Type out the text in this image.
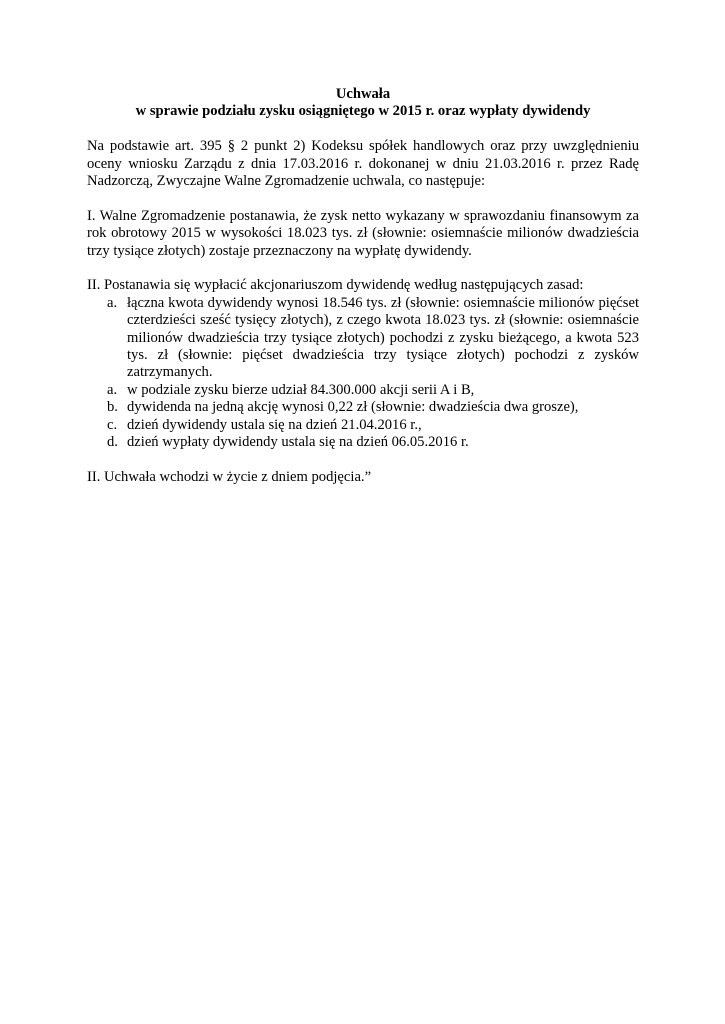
Uchwała

w sprawie podziału zysku osiągniętego w 2015 r. oraz wypłaty dywidendy

Na podstawie art. 395 § 2 punkt 2) Kodeksu spółek handlowych oraz przy uwzględnieniu oceny wniosku Zarządu z dnia 17.03.2016 r. dokonanej w dniu 21.03.2016 r. przez Radę Nadzorczą, Zwyczajne Walne Zgromadzenie uchwala, co następuje:

I. Walne Zgromadzenie postanawia, że zysk netto wykazany w sprawozdaniu finansowym za rok obrotowy 2015 w wysokości 18.023 tys. zł (słownie: osiemnaście milionów dwadzieścia trzy tysiące złotych) zostaje przeznaczony na wypłatę dywidendy.

II. Postanawia się wypłacić akcjonariuszom dywidendę według następujących zasad:

a. łączna kwota dywidendy wynosi 18.546 tys. zł (słownie: osiemnaście milionów pięćset czterdzieści sześć tysięcy złotych), z czego kwota 18.023 tys. zł (słownie: osiemnaście milionów dwadzieścia trzy tysiące złotych) pochodzi z zysku bieżącego, a kwota 523 tys. zł (słownie: pięćset dwadzieścia trzy tysiące złotych) pochodzi z zysków zatrzymanych.
a. w podziale zysku bierze udział 84.300.000 akcji serii A i B,
b. dywidenda na jedną akcję wynosi 0,22 zł (słownie: dwadzieścia dwa grosze),
c. dzień dywidendy ustala się na dzień 21.04.2016 r.,
d. dzień wypłaty dywidendy ustala się na dzień 06.05.2016 r.

II. Uchwała wchodzi w życie z dniem podjęcia.”
